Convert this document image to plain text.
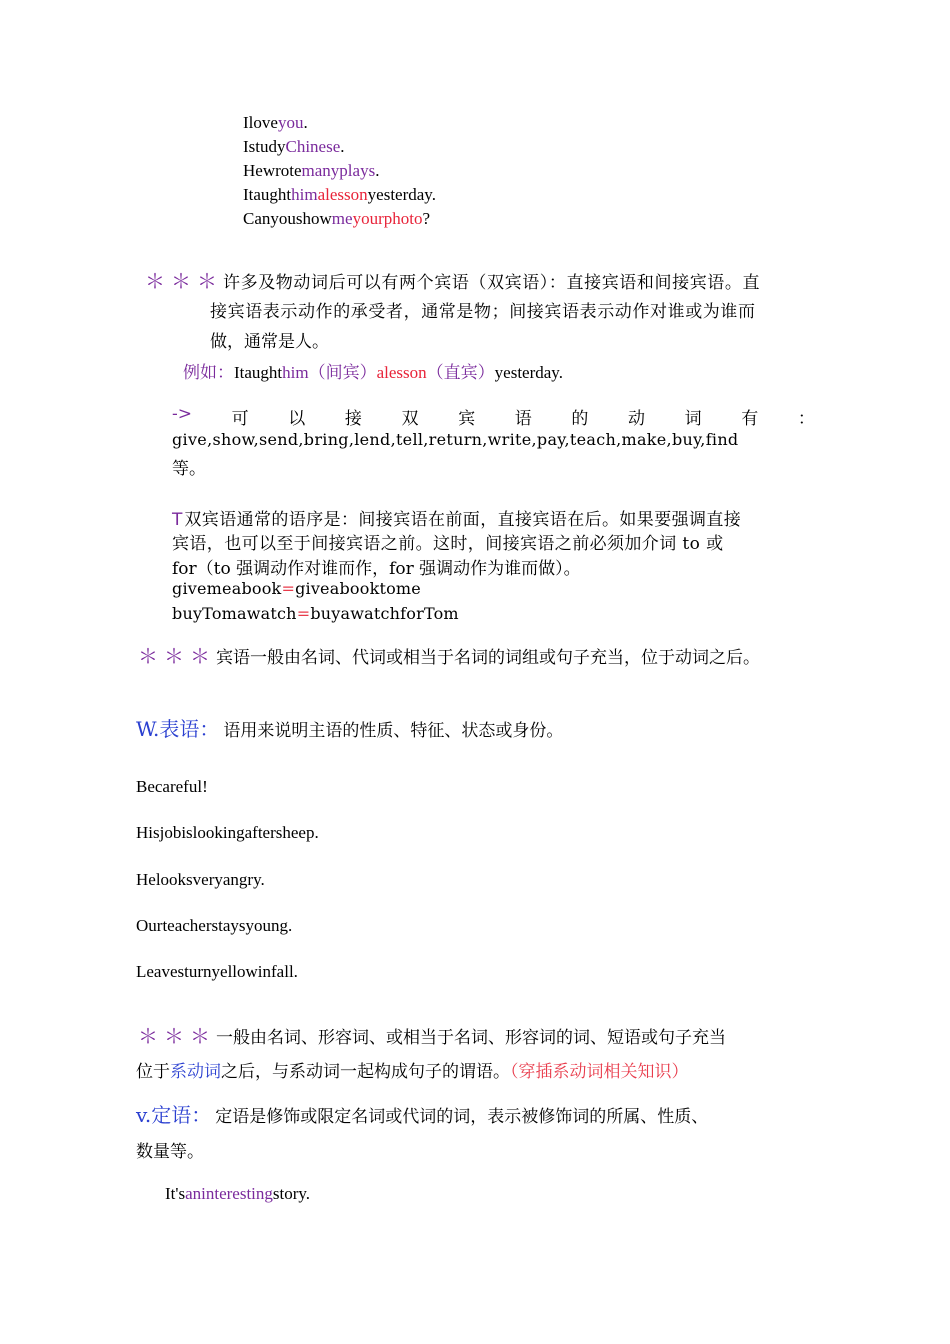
Iloveyou.
IstudyChinese.
Hewrotemanyplays.
Itaughthimalessonyesterday.
Canyoushowmeyourphoto?
＊＊＊许多及物动词后可以有两个宾语（双宾语）：直接宾语和间接宾语。直
接宾语表示动作的承受者，通常是物；间接宾语表示动作对谁或为谁而
做，通常是人。
例如：Itaughthim（间宾）alesson（直宾）yesterday.
-> 可 以 接 双 宾 语 的 动 词 有 ：
give,show,send,bring,lend,tell,return,write,pay,teach,make,buy,find
等。
T 双宾语通常的语序是：间接宾语在前面，直接宾语在后。如果要强调直接
宾语，也可以至于间接宾语之前。这时，间接宾语之前必须加介词 to 或
for（to 强调动作对谁而作，for 强调动作为谁而做）。
givemeabook=giveabooktome
buyTomawatch=buyawatchforTom
＊＊＊宾语一般由名词、代词或相当于名词的词组或句子充当，位于动词之后。
W.表语： 语用来说明主语的性质、特征、状态或身份。
Becareful!
Hisjobislookingaftersheep.
Helooksveryangry.
Ourteacherstaysyoung.
Leavesturnyellowinfall.
＊＊＊一般由名词、形容词、或相当于名词、形容词的词、短语或句子充当
位于系动词之后，与系动词一起构成句子的谓语。（穿插系动词相关知识）
v.定语： 定语是修饰或限定名词或代词的词，表示被修饰词的所属、性质、
数量等。
It'saninterestingstory.
